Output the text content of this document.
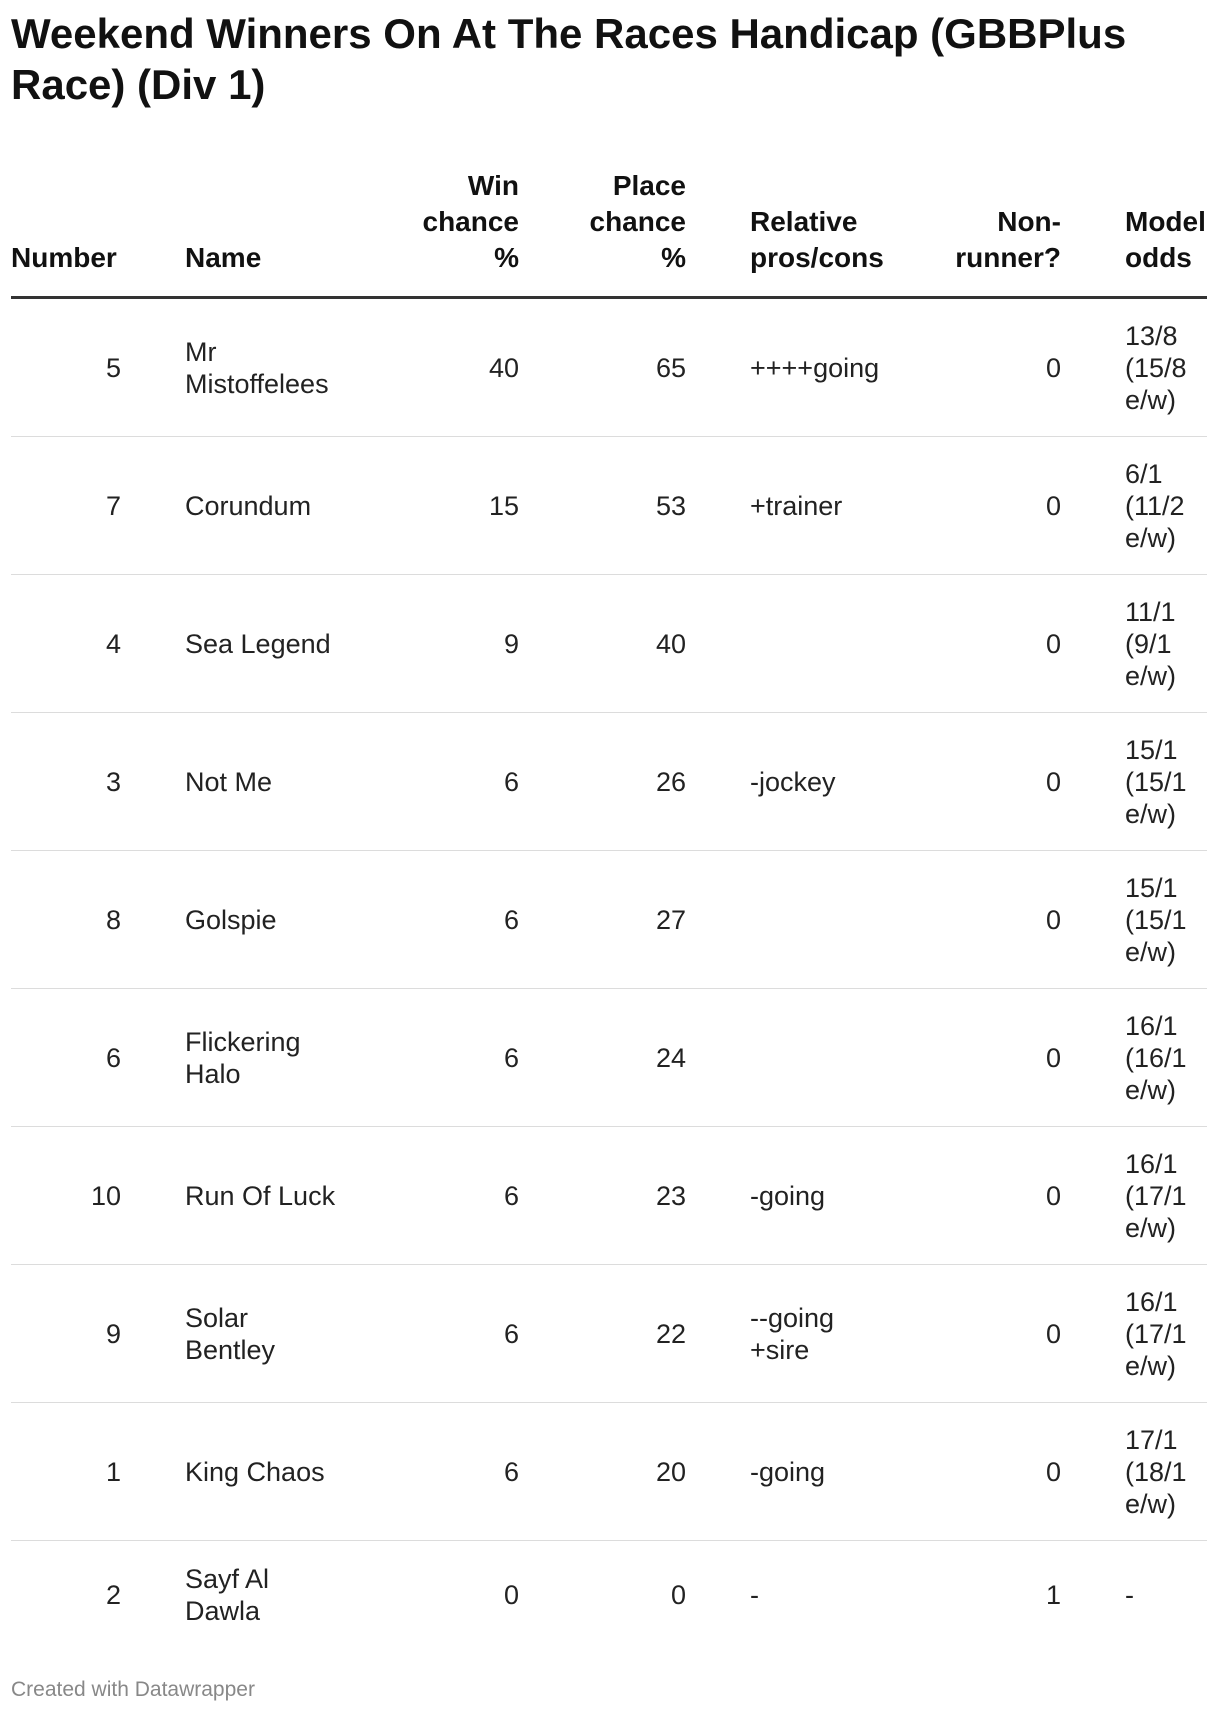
Weekend Winners On At The Races Handicap (GBBPlus Race) (Div 1)
Number		Name	Win
chance
%	Place
chance
%		Relative
pros/cons	Non-
runner?		Model
odds
5		Mr
Mistoffelees	40	65		++++going	0		13/8
(15/8
e/w)
7		Corundum	15	53		+trainer	0		6/1
(11/2
e/w)
4		Sea Legend	9	40			0		11/1
(9/1
e/w)
3		Not Me	6	26		-jockey	0		15/1
(15/1
e/w)
8		Golspie	6	27			0		15/1
(15/1
e/w)
6		Flickering
Halo	6	24			0		16/1
(16/1
e/w)
10		Run Of Luck	6	23		-going	0		16/1
(17/1
e/w)
9		Solar
Bentley	6	22		--going
+sire	0		16/1
(17/1
e/w)
1		King Chaos	6	20		-going	0		17/1
(18/1
e/w)
2		Sayf Al
Dawla	0	0		-	1		-
Created with Datawrapper
